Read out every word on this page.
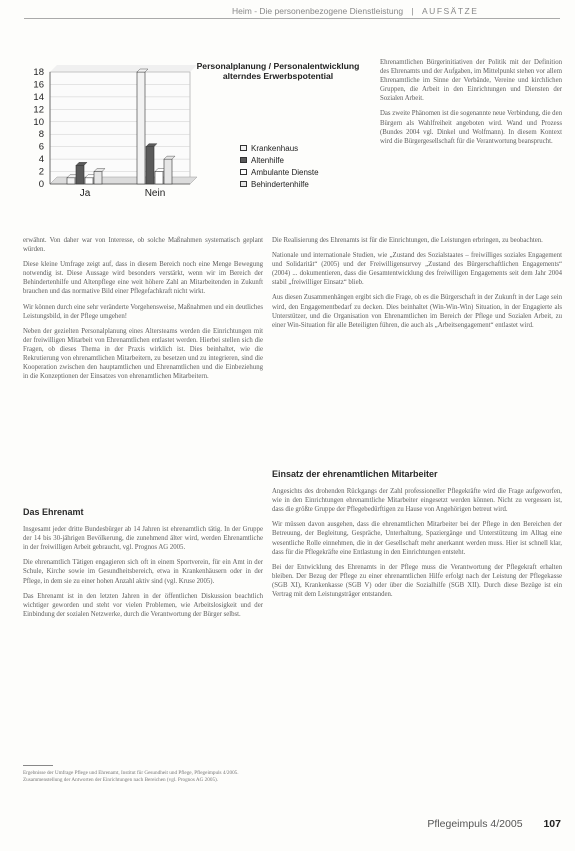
Heim - Die personenbezogene Dienstleistung | AUFSÄTZE
0
2
4
6
8
10
12
14
16
18
Ja	Nein
Personalplanung / Personalentwicklung
alterndes Erwerbspotential
Krankenhaus
Altenhilfe
Ambulante Dienste
Behindertenhilfe

Ehrenamtlichen Bürgerinitiativen der Politik mit der Definition des Ehrenamts und der Aufgaben, im Mittelpunkt stehen vor allem Ehrenamtliche im Sinne der Verbände, Vereine und kirchlichen Gruppen, die Arbeit in den Einrichtungen und Diensten der Sozialen Arbeit.

Das zweite Phänomen ist die sogenannte neue Verbindung, die den Bürgern als Wahlfreiheit angeboten wird. Wand und Prozess (Bundes 2004 vgl. Dinkel und Wolfmann). In diesem Kontext wird die Bürgergesellschaft für die Verantwortung beansprucht.

erwähnt. Von daher war von Interesse, ob solche Maßnahmen systematisch geplant würden.

Diese kleine Umfrage zeigt auf, dass in diesem Bereich noch eine Menge Bewegung notwendig ist. Diese Aussage wird besonders verstärkt, wenn wir im Bereich der Behindertenhilfe und Altenpflege eine weit höhere Zahl an Mitarbeitenden in Zukunft brauchen und das normative Bild einer Pflegefachkraft nicht wirkt.

Wir können durch eine sehr veränderte Vorgehensweise, Maßnahmen und ein deutliches Leistungsbild, in der Pflege umgehen!

Neben der gezielten Personalplanung eines Altersteams werden die Einrichtungen mit der freiwilligen Mitarbeit von Ehrenamtlichen entlastet werden. Hierbei stellen sich die Fragen, ob dieses Thema in der Praxis wirklich ist. Dies beinhaltet, wie die Rekrutierung von ehrenamtlichen Mitarbeitern, zu besetzen und zu integrieren, sind die Kooperation zwischen den hauptamtlichen und Ehrenamtlichen und die Einbeziehung in die Konzeptionen der Einsatzes von ehrenamtlichen Mitarbeitern.

Die Realisierung des Ehrenamts ist für die Einrichtungen, die Leistungen erbringen, zu beobachten.

Nationale und internationale Studien, wie „Zustand des Sozialstaates – freiwilliges soziales Engagement und Solidarität“ (2005) und der Freiwilligensurvey „Zustand des Bürgerschaftlichen Engagements“ (2004) ... dokumentieren, dass die Gesamtentwicklung des freiwilligen Engagements seit dem Jahr 2004 stabil „freiwilliger Einsatz“ blieb.

Aus diesen Zusammenhängen ergibt sich die Frage, ob es die Bürgerschaft in der Zukunft in der Lage sein wird, den Engagementbedarf zu decken. Dies beinhaltet (Win-Win-Win) Situation, in der Engagierte als Unterstützer, und die Organisation von Ehrenamtlichen im Bereich der Pflege und Sozialen Arbeit, zu einer Win-Situation für alle Beteiligten führen, die auch als „Arbeitsengagement“ entlastet wird.

Das Ehrenamt

Insgesamt jeder dritte Bundesbürger ab 14 Jahren ist ehrenamtlich tätig. In der Gruppe der 14 bis 30-jährigen Bevölkerung, die zunehmend älter wird, werden Ehrenamtliche in der freiwilligen Arbeit gebraucht, vgl. Prognos AG 2005.

Die ehrenamtlich Tätigen engagieren sich oft in einem Sportverein, für ein Amt in der Schule, Kirche sowie im Gesundheitsbereich, etwa in Krankenhäusern oder in der Pflege, in dem sie zu einer hohen Anzahl aktiv sind (vgl. Kruse 2005).

Das Ehrenamt ist in den letzten Jahren in der öffentlichen Diskussion beachtlich wichtiger geworden und steht vor vielen Problemen, wie Arbeitslosigkeit und der Einbindung der sozialen Netzwerke, durch die Verantwortung der Bürger selbst.

Ergebnisse der Umfrage Pflege und Ehrenamt, Institut für Gesundheit und Pflege, Pflegeimpuls 4/2005. Zusammenstellung der Antworten der Einrichtungen nach Bereichen (vgl. Prognos AG 2005).
Einsatz der ehrenamtlichen Mitarbeiter

Angesichts des drohenden Rückgangs der Zahl professioneller Pflegekräfte wird die Frage aufgeworfen, wie in den Einrichtungen ehrenamtliche Mitarbeiter eingesetzt werden können. Nicht zu vergessen ist, dass die größte Gruppe der Pflegebedürftigen zu Hause von Angehörigen betreut wird.

Wir müssen davon ausgehen, dass die ehrenamtlichen Mitarbeiter bei der Pflege in den Bereichen der Betreuung, der Begleitung, Gespräche, Unterhaltung, Spaziergänge und Unterstützung im Alltag eine wesentliche Rolle einnehmen, die in der Gesellschaft mehr anerkannt werden muss. Hier ist schnell klar, dass für die Pflegekräfte eine Entlastung in den Einrichtungen entsteht.

Bei der Entwicklung des Ehrenamts in der Pflege muss die Verantwortung der Pflegekraft erhalten bleiben. Der Bezug der Pflege zu einer ehrenamtlichen Hilfe erfolgt nach der Leistung der Pflegekasse (SGB XI), Krankenkasse (SGB V) oder über die Sozialhilfe (SGB XII). Durch diese Bezüge ist ein Vertrag mit dem Leistungsträger entstanden.

Pflegeimpuls 4/2005 107
